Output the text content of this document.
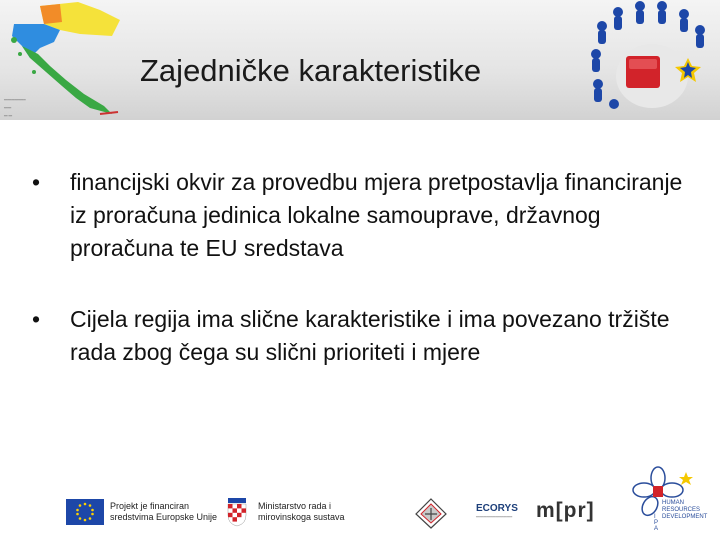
━━━━━━━━━━━━
━━━━
━━ ━━
Zajedničke karakteristike
• financijski okvir za provedbu mjera pretpostavlja financiranje iz proračuna jedinica lokalne samouprave, državnog proračuna te EU sredstava
• Cijela regija ima slične karakteristike i ima povezano tržište rada zbog čega su slični prioriteti i mjere
Projekt je financiran
sredstvima Europske Unije
Ministarstvo rada i
mirovinskoga sustava
ECORYS
━━━━━━━━━━━━━━━━━━━━ m[pr]	I
P
A
HUMAN
RESOURCES
DEVELOPMENT
